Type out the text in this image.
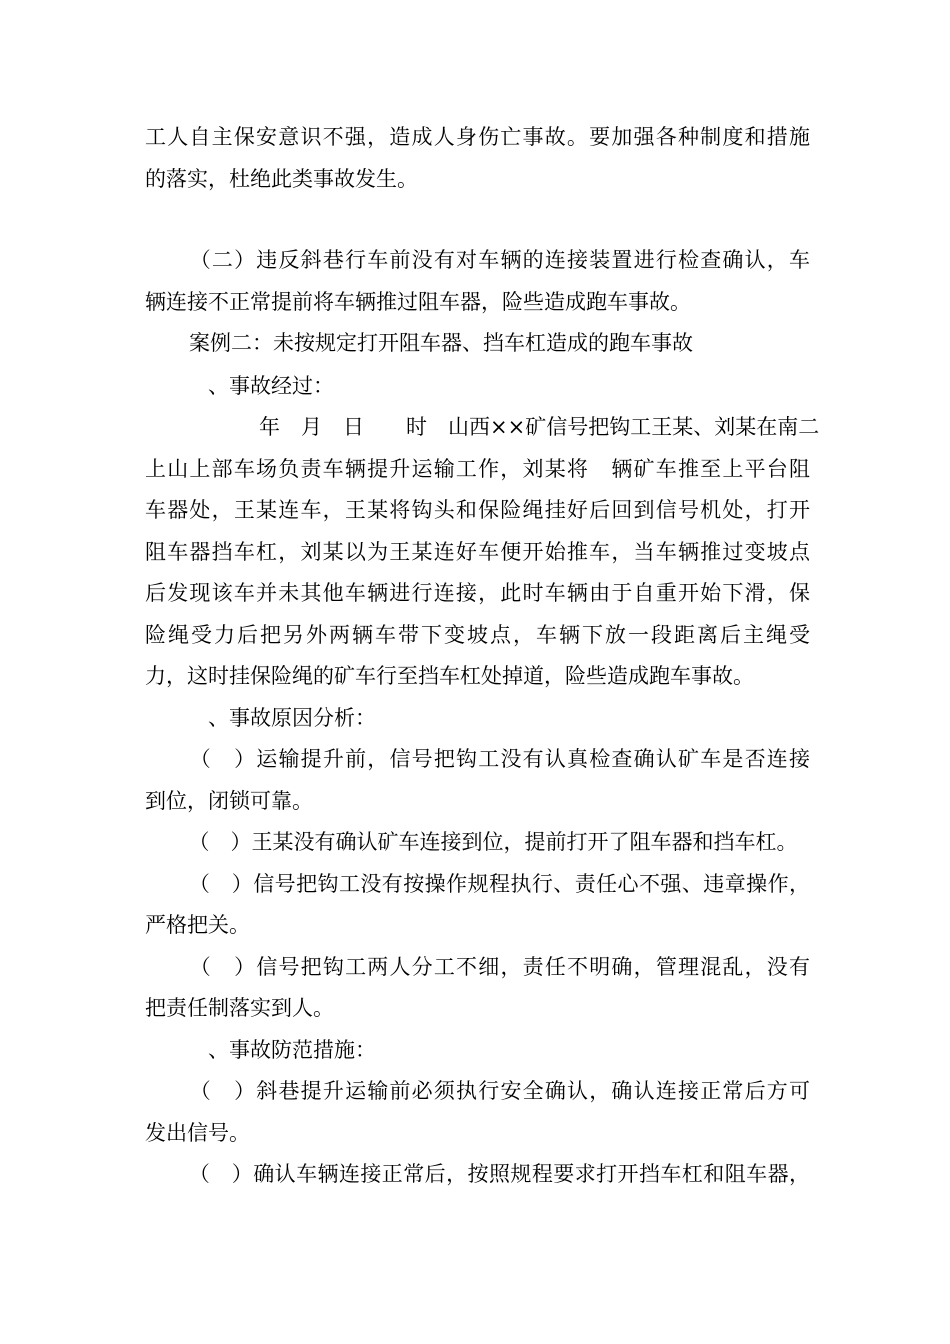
工人自主保安意识不强，造成人身伤亡事故。要加强各种制度和措施
的落实，杜绝此类事故发生。
　（二）违反斜巷行车前没有对车辆的连接装置进行检查确认，车
辆连接不正常提前将车辆推过阻车器，险些造成跑车事故。
　案例二：未按规定打开阻车器、挡车杠造成的跑车事故
　　、事故经过：
　　　　年　月　日　　时　山西××矿信号把钩工王某、刘某在南二
上山上部车场负责车辆提升运输工作，刘某将　辆矿车推至上平台阻
车器处，王某连车，王某将钩头和保险绳挂好后回到信号机处，打开
阻车器挡车杠，刘某以为王某连好车便开始推车，当车辆推过变坡点
后发现该车并未其他车辆进行连接，此时车辆由于自重开始下滑，保
险绳受力后把另外两辆车带下变坡点，车辆下放一段距离后主绳受
力，这时挂保险绳的矿车行至挡车杠处掉道，险些造成跑车事故。
　　、事故原因分析：
　（　）运输提升前，信号把钩工没有认真检查确认矿车是否连接
到位，闭锁可靠。
　（　）王某没有确认矿车连接到位，提前打开了阻车器和挡车杠。
　（　）信号把钩工没有按操作规程执行、责任心不强、违章操作，
严格把关。
　（　）信号把钩工两人分工不细，责任不明确，管理混乱，没有
把责任制落实到人。
　　、事故防范措施：
　（　）斜巷提升运输前必须执行安全确认，确认连接正常后方可
发出信号。
　（　）确认车辆连接正常后，按照规程要求打开挡车杠和阻车器，
